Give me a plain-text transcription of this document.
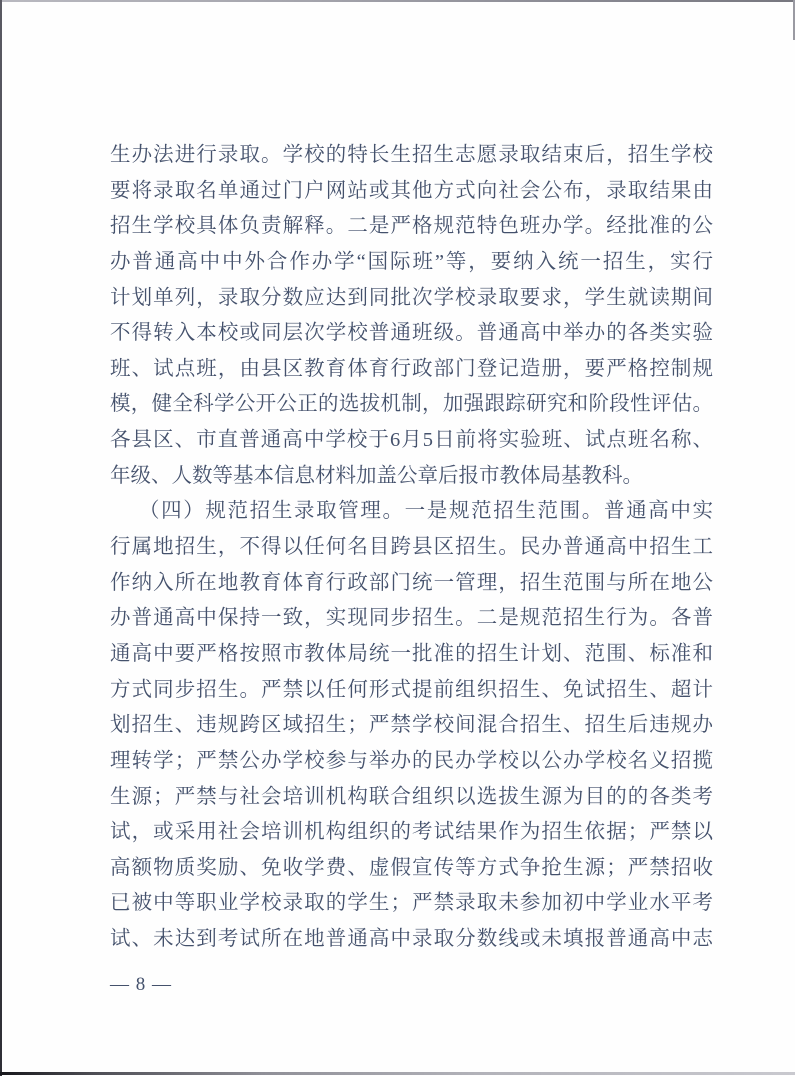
生办法进行录取。学校的特长生招生志愿录取结束后，招生学校
要将录取名单通过门户网站或其他方式向社会公布，录取结果由
招生学校具体负责解释。二是严格规范特色班办学。经批准的公
办普通高中中外合作办学“国际班”等，要纳入统一招生，实行
计划单列，录取分数应达到同批次学校录取要求，学生就读期间
不得转入本校或同层次学校普通班级。普通高中举办的各类实验
班、试点班，由县区教育体育行政部门登记造册，要严格控制规
模，健全科学公开公正的选拔机制，加强跟踪研究和阶段性评估。
各县区、市直普通高中学校于6月5日前将实验班、试点班名称、
年级、人数等基本信息材料加盖公章后报市教体局基教科。
（四）规范招生录取管理。一是规范招生范围。普通高中实
行属地招生，不得以任何名目跨县区招生。民办普通高中招生工
作纳入所在地教育体育行政部门统一管理，招生范围与所在地公
办普通高中保持一致，实现同步招生。二是规范招生行为。各普
通高中要严格按照市教体局统一批准的招生计划、范围、标准和
方式同步招生。严禁以任何形式提前组织招生、免试招生、超计
划招生、违规跨区域招生；严禁学校间混合招生、招生后违规办
理转学；严禁公办学校参与举办的民办学校以公办学校名义招揽
生源；严禁与社会培训机构联合组织以选拔生源为目的的各类考
试，或采用社会培训机构组织的考试结果作为招生依据；严禁以
高额物质奖励、免收学费、虚假宣传等方式争抢生源；严禁招收
已被中等职业学校录取的学生；严禁录取未参加初中学业水平考
试、未达到考试所在地普通高中录取分数线或未填报普通高中志
— 8 —
